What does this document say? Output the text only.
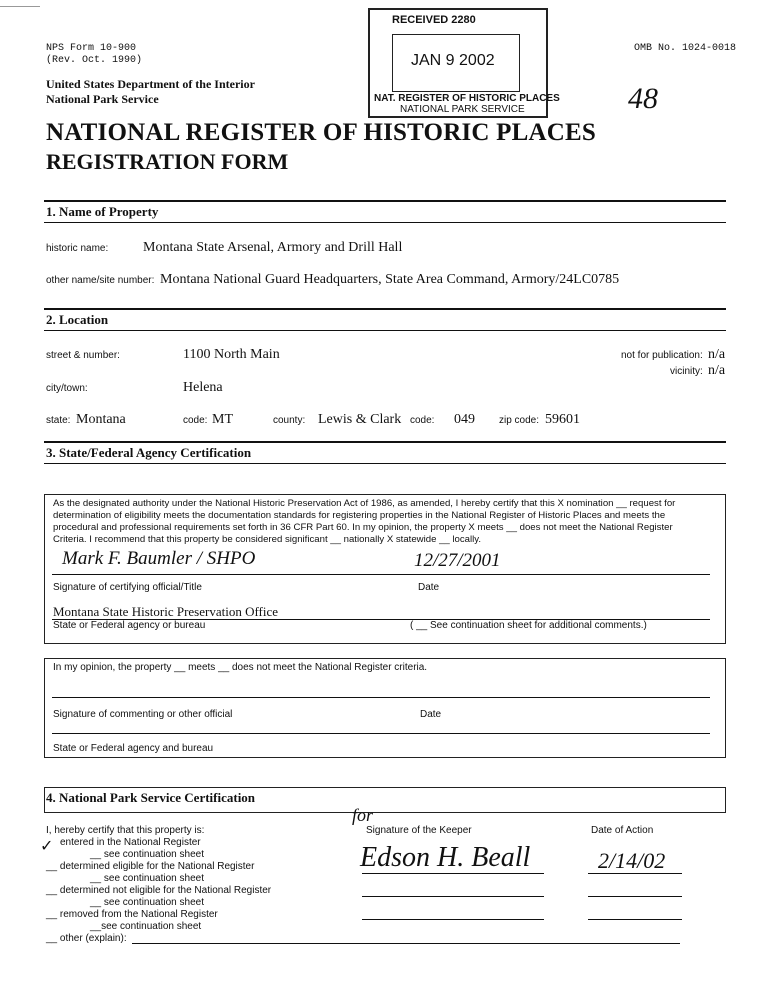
NPS Form 10-900
(Rev. Oct. 1990)
OMB No. 1024-0018
United States Department of the Interior
National Park Service
NATIONAL REGISTER OF HISTORIC PLACES
REGISTRATION FORM
48
RECEIVED 2280
JAN 9 2002
NAT. REGISTER OF HISTORIC PLACES
NATIONAL PARK SERVICE
1. Name of Property
historic name: Montana State Arsenal, Armory and Drill Hall
other name/site number: Montana National Guard Headquarters, State Area Command, Armory/24LC0785
2. Location
street & number:	1100 North Main	not for publication: n/a
vicinity: n/a
city/town:	Helena
state: Montana	code: MT	county: Lewis & Clark code: 049 zip code: 59601
3. State/Federal Agency Certification
As the designated authority under the National Historic Preservation Act of 1986, as amended, I hereby certify that this X nomination __ request for
determination of eligibility meets the documentation standards for registering properties in the National Register of Historic Places and meets the
procedural and professional requirements set forth in 36 CFR Part 60. In my opinion, the property X meets __ does not meet the National Register
Criteria. I recommend that this property be considered significant __ nationally X statewide __ locally.
Mark F. Baumler / SHPO	12/27/2001
Signature of certifying official/Title	Date
Montana State Historic Preservation Office
State or Federal agency or bureau	( __ See continuation sheet for additional comments.)
In my opinion, the property __ meets __ does not meet the National Register criteria.
Signature of commenting or other official	Date
State or Federal agency and bureau
4. National Park Service Certification
I, hereby certify that this property is:
✓ entered in the National Register
__ see continuation sheet
__ determined eligible for the National Register
__ see continuation sheet
__ determined not eligible for the National Register
__ see continuation sheet
__ removed from the National Register
__see continuation sheet
__ other (explain):
Signature of the Keeper	Date of Action
for
Edson H. Beall	2/14/02
